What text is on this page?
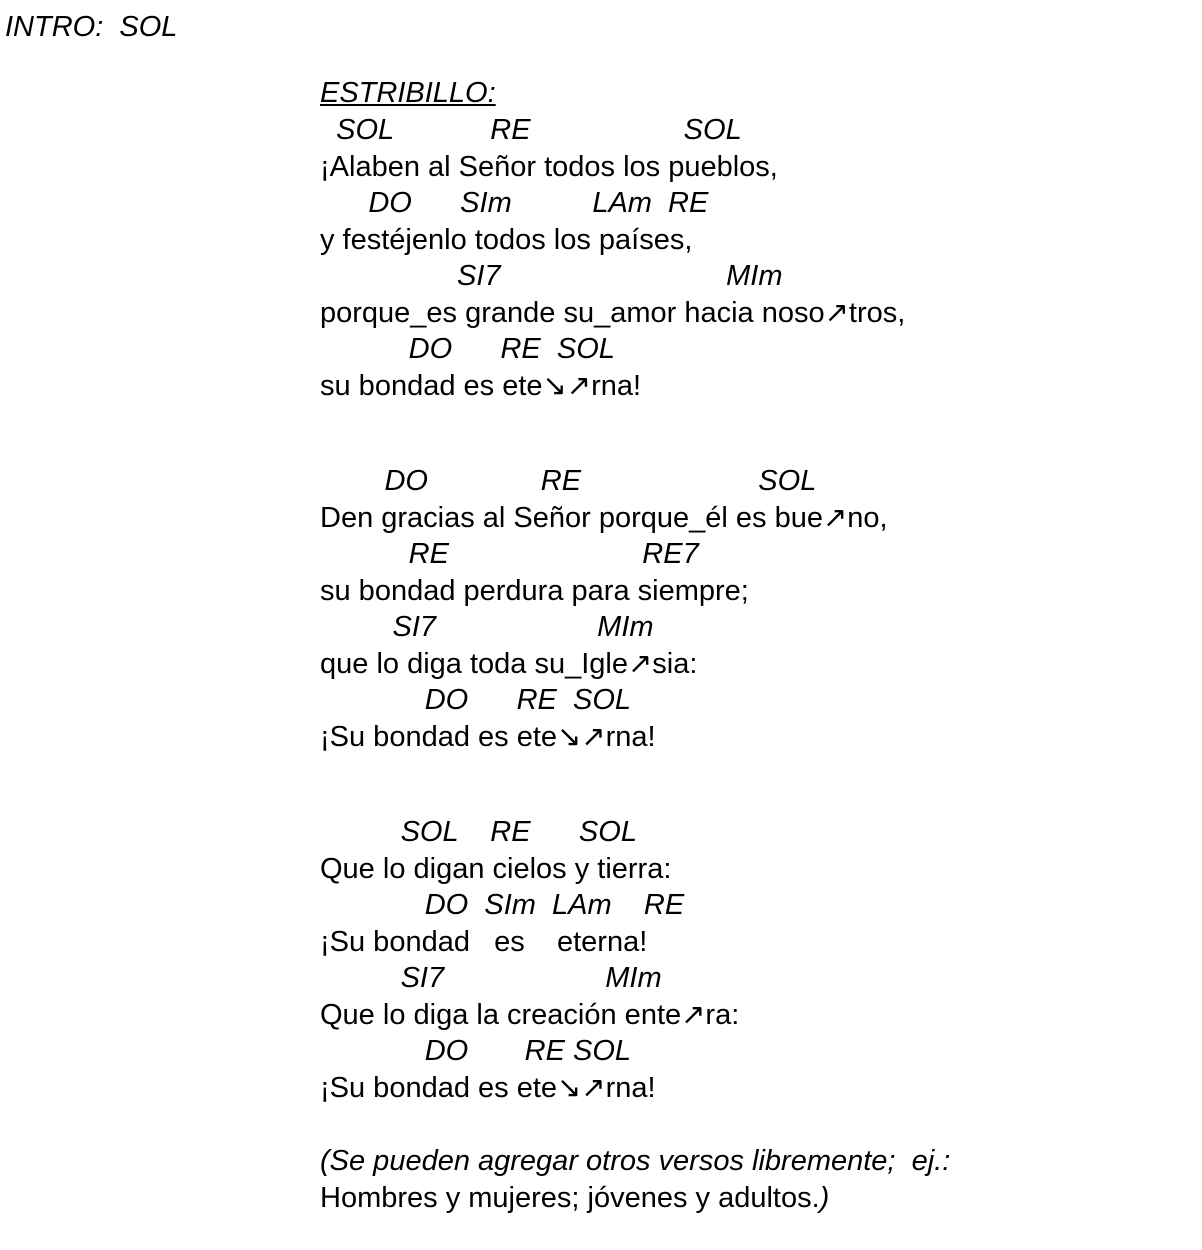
INTRO:  SOL
ESTRIBILLO:
SOL            RE                   SOL
¡Alaben al Señor todos los pueblos,
DO      SIm          LAm  RE
y festéjenlo todos los países,
SI7                            MIm
porque_es grande su_amor hacia noso↗tros,
DO      RE  SOL
su bondad es ete↘↗rna!
DO              RE                      SOL
Den gracias al Señor porque_él es bue↗no,
RE                        RE7
su bondad perdura para siempre;
SI7                    MIm
que lo diga toda su_Igle↗sia:
DO      RE  SOL
¡Su bondad es ete↘↗rna!
SOL    RE      SOL
Que lo digan cielos y tierra:
DO  SIm  LAm    RE
¡Su bondad   es    eterna!
SI7                    MIm
Que lo diga la creación ente↗ra:
DO       RE SOL
¡Su bondad es ete↘↗rna!
(Se pueden agregar otros versos libremente;  ej.:
Hombres y mujeres; jóvenes y adultos.)
